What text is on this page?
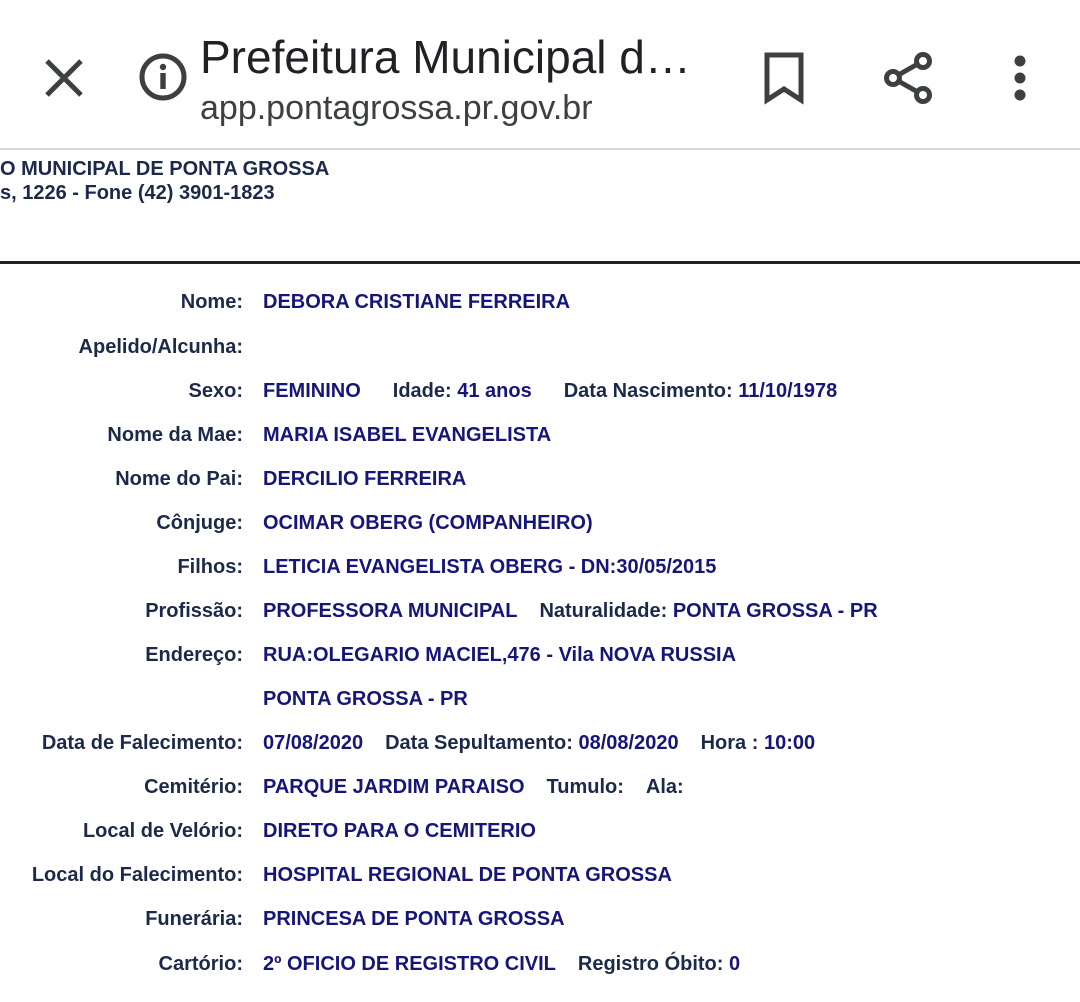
Prefeitura Municipal d…
app.pontagrossa.pr.gov.br
O MUNICIPAL DE PONTA GROSSA
s, 1226 - Fone (42) 3901-1823
Nome: DEBORA CRISTIANE FERREIRA
Apelido/Alcunha:
Sexo: FEMININO Idade: 41 anos Data Nascimento: 11/10/1978
Nome da Mae: MARIA ISABEL EVANGELISTA
Nome do Pai: DERCILIO FERREIRA
Cônjuge: OCIMAR OBERG (COMPANHEIRO)
Filhos: LETICIA EVANGELISTA OBERG - DN:30/05/2015
Profissão: PROFESSORA MUNICIPAL Naturalidade: PONTA GROSSA - PR
Endereço: RUA:OLEGARIO MACIEL,476 - Vila NOVA RUSSIA
PONTA GROSSA - PR
Data de Falecimento: 07/08/2020 Data Sepultamento: 08/08/2020 Hora : 10:00
Cemitério: PARQUE JARDIM PARAISO Tumulo: Ala:
Local de Velório: DIRETO PARA O CEMITERIO
Local do Falecimento: HOSPITAL REGIONAL DE PONTA GROSSA
Funerária: PRINCESA DE PONTA GROSSA
Cartório: 2º OFICIO DE REGISTRO CIVIL Registro Óbito: 0
